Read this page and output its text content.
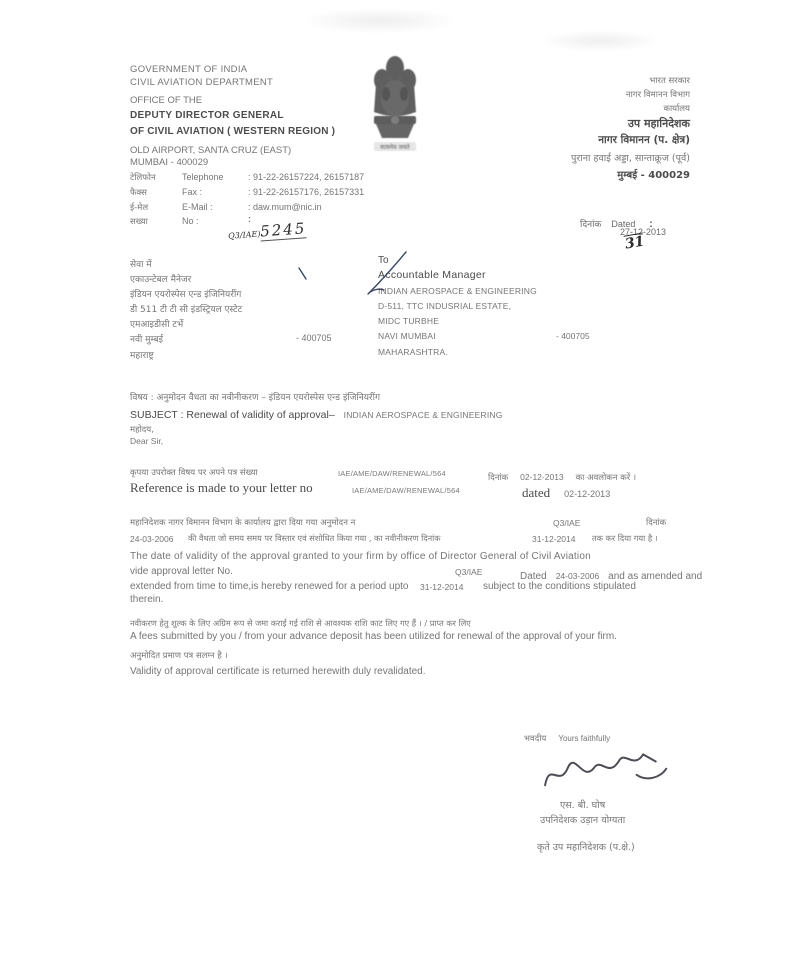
GOVERNMENT OF INDIA
CIVIL AVIATION DEPARTMENT
OFFICE OF THE
DEPUTY DIRECTOR GENERAL
OF CIVIL AVIATION ( WESTERN REGION )
OLD AIRPORT, SANTA CRUZ (EAST)
MUMBAI - 400029
टेलिफोन	Telephone	: 91-22-26157224, 26157187
फैक्स	Fax :	: 91-22-26157176, 26157331
ई-मेल	E-Mail :	: daw.mum@nic.in
सख्या	No :	:
Q3/IAE)5245
सत्यमेव जयते
भारत सरकार
नागर विमानन विभाग
कार्यालय
उप महानिदेशक
नागर विमानन (प. क्षेत्र)
पुराना हवाई अड्डा, सान्ताक्रूज (पूर्व)
मुम्बई - 400029
दिनांक Dated :
27-12-2013
31
सेवा में
एकाउन्टेबल मैनेजर
इंडियन एयरोस्पेस एन्ड इंजिनियरींग
डी 511 टी टी सी इंडस्ट्रियल एस्टेट
एमआइडीसी टर्भे
नवी मुम्बई	- 400705
महाराष्ट्र
To
Accountable Manager
INDIAN AEROSPACE & ENGINEERING
D-511, TTC INDUSRIAL ESTATE,
MIDC TURBHE
NAVI MUMBAI	- 400705
MAHARASHTRA.
विषय : अनुमोदन वैधता का नवीनीकरण – इंडियन एयरोस्पेस एन्ड इंजिनियरींग
SUBJECT : Renewal of validity of approval– INDIAN AEROSPACE & ENGINEERING
महोदय,
Dear Sir,
कृपया उपरोक्त विषय पर अपने पत्र संख्या	IAE/AME/DAW/RENEWAL/564	दिनांक 02-12-2013 का अवलोकन करें ।
Reference is made to your letter no	IAE/AME/DAW/RENEWAL/564	dated 02-12-2013
महानिदेशक नागर विमानन विभाग के कार्यालय द्वारा दिया गया अनुमोदन न	Q3/IAE	दिनांक
24-03-2006 की वैधता जो समय समय पर विस्तार एवं संशोधित किया गया , का नवीनीकरण दिनांक	31-12-2014 तक कर दिया गया है ।
The date of validity of the approval granted to your firm by office of Director General of Civil Aviation
vide approval letter No.	Q3/IAE	Dated 24-03-2006 and as amended and
extended from time to time,is hereby renewed for a period upto 31-12-2014 subject to the conditions stipulated
therein.
नवीकरण हेतु शुल्क के लिए अग्रिम रूप से जमा कराई गई राशि से आवश्यक राशि काट लिए गए हैं । / प्राप्त कर लिए
A fees submitted by you / from your advance deposit has been utilized for renewal of the approval of your firm.
अनुमोदित प्रमाण पत्र सलग्न है ।
Validity of approval certificate is returned herewith duly revalidated.
भवदीय Yours faithfully
एस. बी. घोष
उपनिदेशक उड़ान योग्यता
कृते उप महानिदेशक (प.क्षे.)
